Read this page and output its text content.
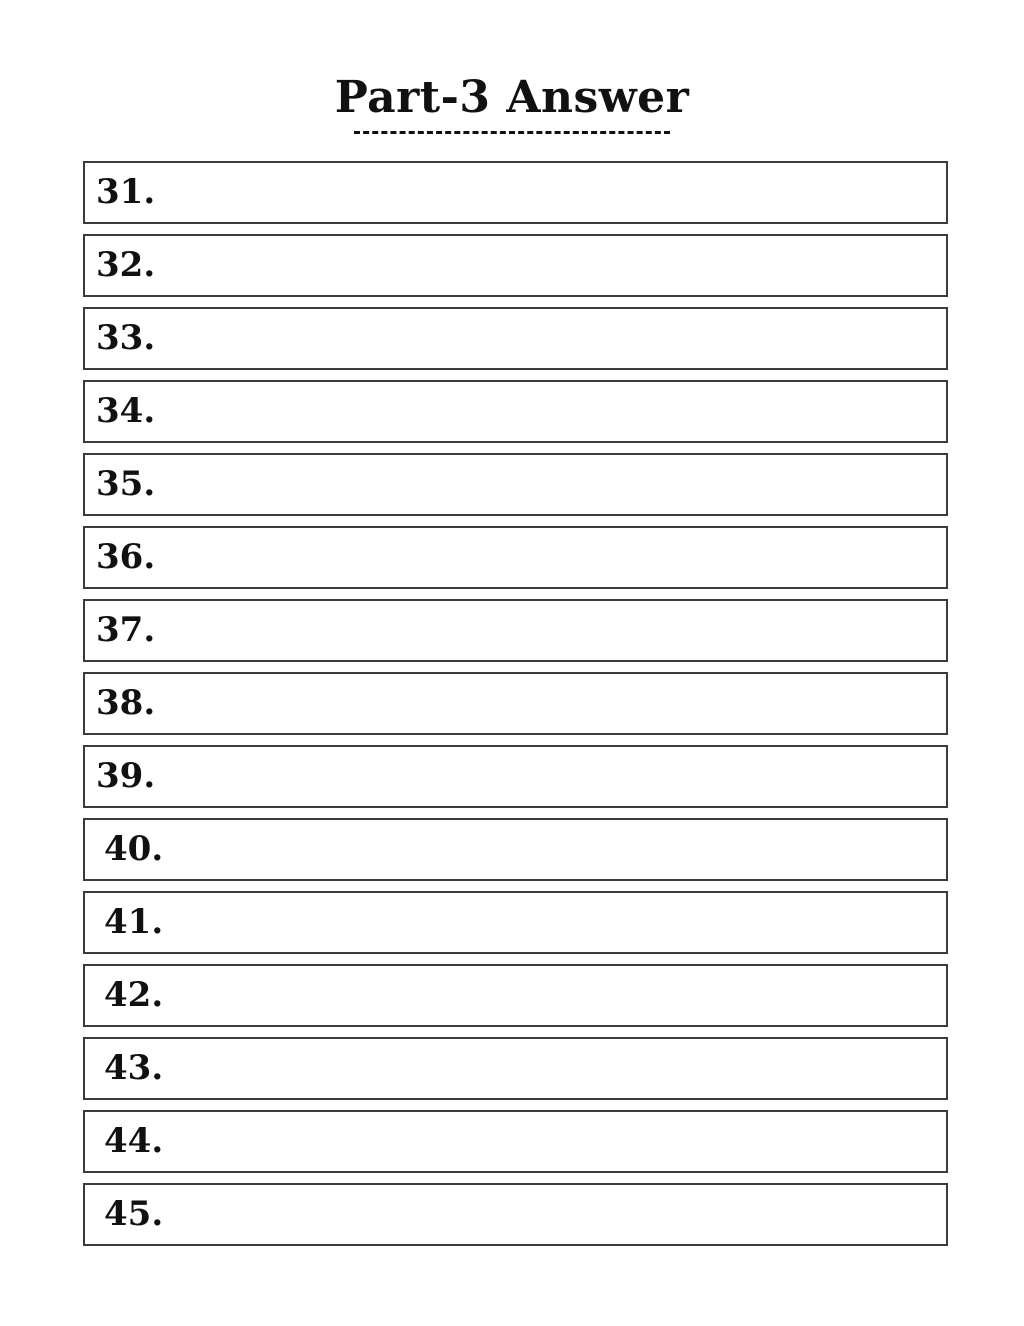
Part-3 Answer
31.
32.
33.
34.
35.
36.
37.
38.
39.
40.
41.
42.
43.
44.
45.
